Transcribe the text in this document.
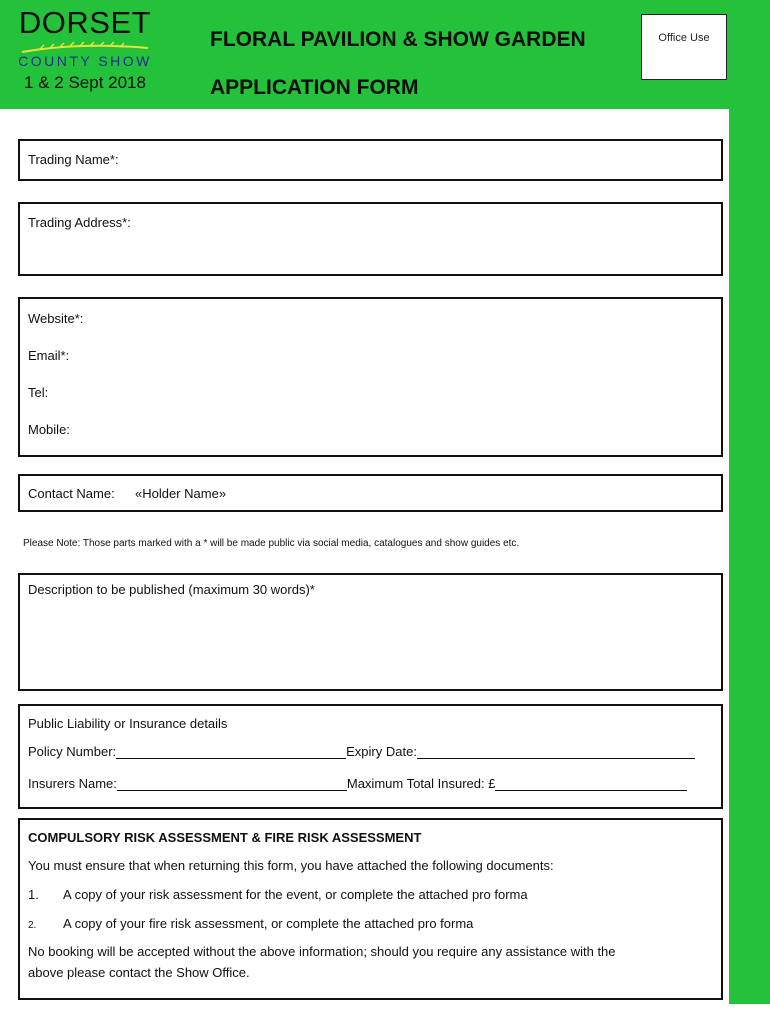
DORSET
COUNTY SHOW
1 & 2 Sept 2018
FLORAL PAVILION & SHOW GARDEN
APPLICATION FORM
Office Use
Trading Name*:
Trading Address*:
Website*:
Email*:
Tel:
Mobile:
Contact Name: «Holder Name»
Please Note: Those parts marked with a * will be made public via social media, catalogues and show guides etc.
Description to be published (maximum 30 words)*
Public Liability or Insurance details
Policy Number:	Expiry Date:
Insurers Name:	Maximum Total Insured: £
COMPULSORY RISK ASSESSMENT & FIRE RISK ASSESSMENT
You must ensure that when returning this form, you have attached the following documents:
1.	A copy of your risk assessment for the event, or complete the attached pro forma
2.	A copy of your fire risk assessment, or complete the attached pro forma
No booking will be accepted without the above information; should you require any assistance with the
above please contact the Show Office.
